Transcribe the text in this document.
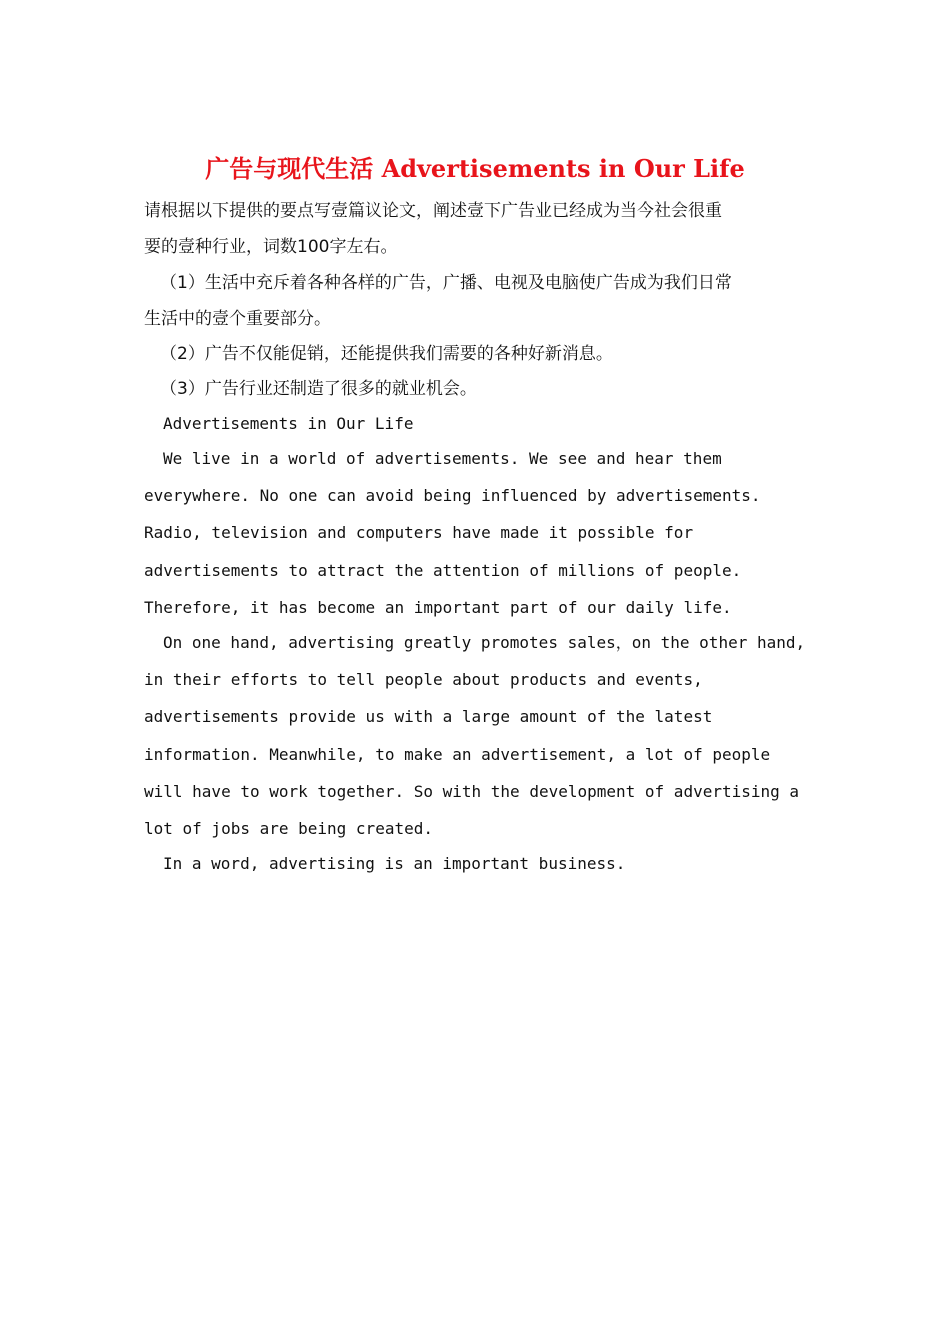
广告与现代生活 Advertisements in Our Life
请根据以下提供的要点写壹篇议论文，阐述壹下广告业已经成为当今社会很重
要的壹种行业，词数100字左右。
（1）生活中充斥着各种各样的广告，广播、电视及电脑使广告成为我们日常
生活中的壹个重要部分。
（2）广告不仅能促销，还能提供我们需要的各种好新消息。
（3）广告行业还制造了很多的就业机会。
Advertisements in Our Life
We live in a world of advertisements. We see and hear them
everywhere. No one can avoid being influenced by advertisements.
Radio, television and computers have made it possible for
advertisements to attract the attention of millions of people.
Therefore, it has become an important part of our daily life.
On one hand, advertising greatly promotes sales，on the other hand,
in their efforts to tell people about products and events,
advertisements provide us with a large amount of the latest
information. Meanwhile, to make an advertisement, a lot of people
will have to work together. So with the development of advertising a
lot of jobs are being created.
In a word, advertising is an important business.
